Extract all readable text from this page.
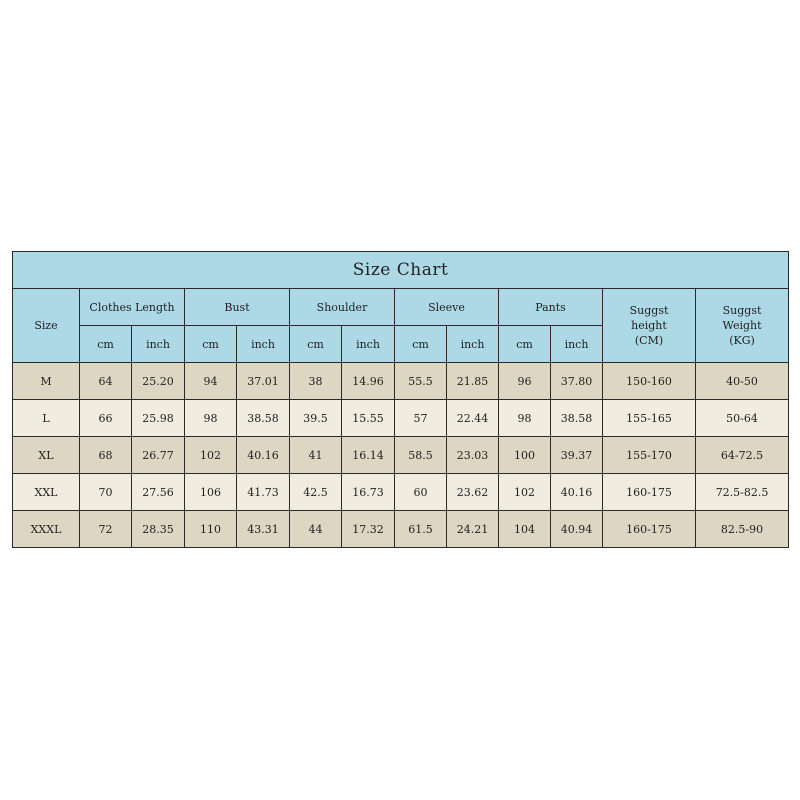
Size Chart												
Size	Clothes Length		Bust		Shoulder		Sleeve		Pants		Suggst
height
(CM)	Suggst
Weight
(KG)
	cm	inch	cm	inch	cm	inch	cm	inch	cm	inch		
M	64	25.20	94	37.01	38	14.96	55.5	21.85	96	37.80	150-160	40-50
L	66	25.98	98	38.58	39.5	15.55	57	22.44	98	38.58	155-165	50-64
XL	68	26.77	102	40.16	41	16.14	58.5	23.03	100	39.37	155-170	64-72.5
XXL	70	27.56	106	41.73	42.5	16.73	60	23.62	102	40.16	160-175	72.5-82.5
XXXL	72	28.35	110	43.31	44	17.32	61.5	24.21	104	40.94	160-175	82.5-90
